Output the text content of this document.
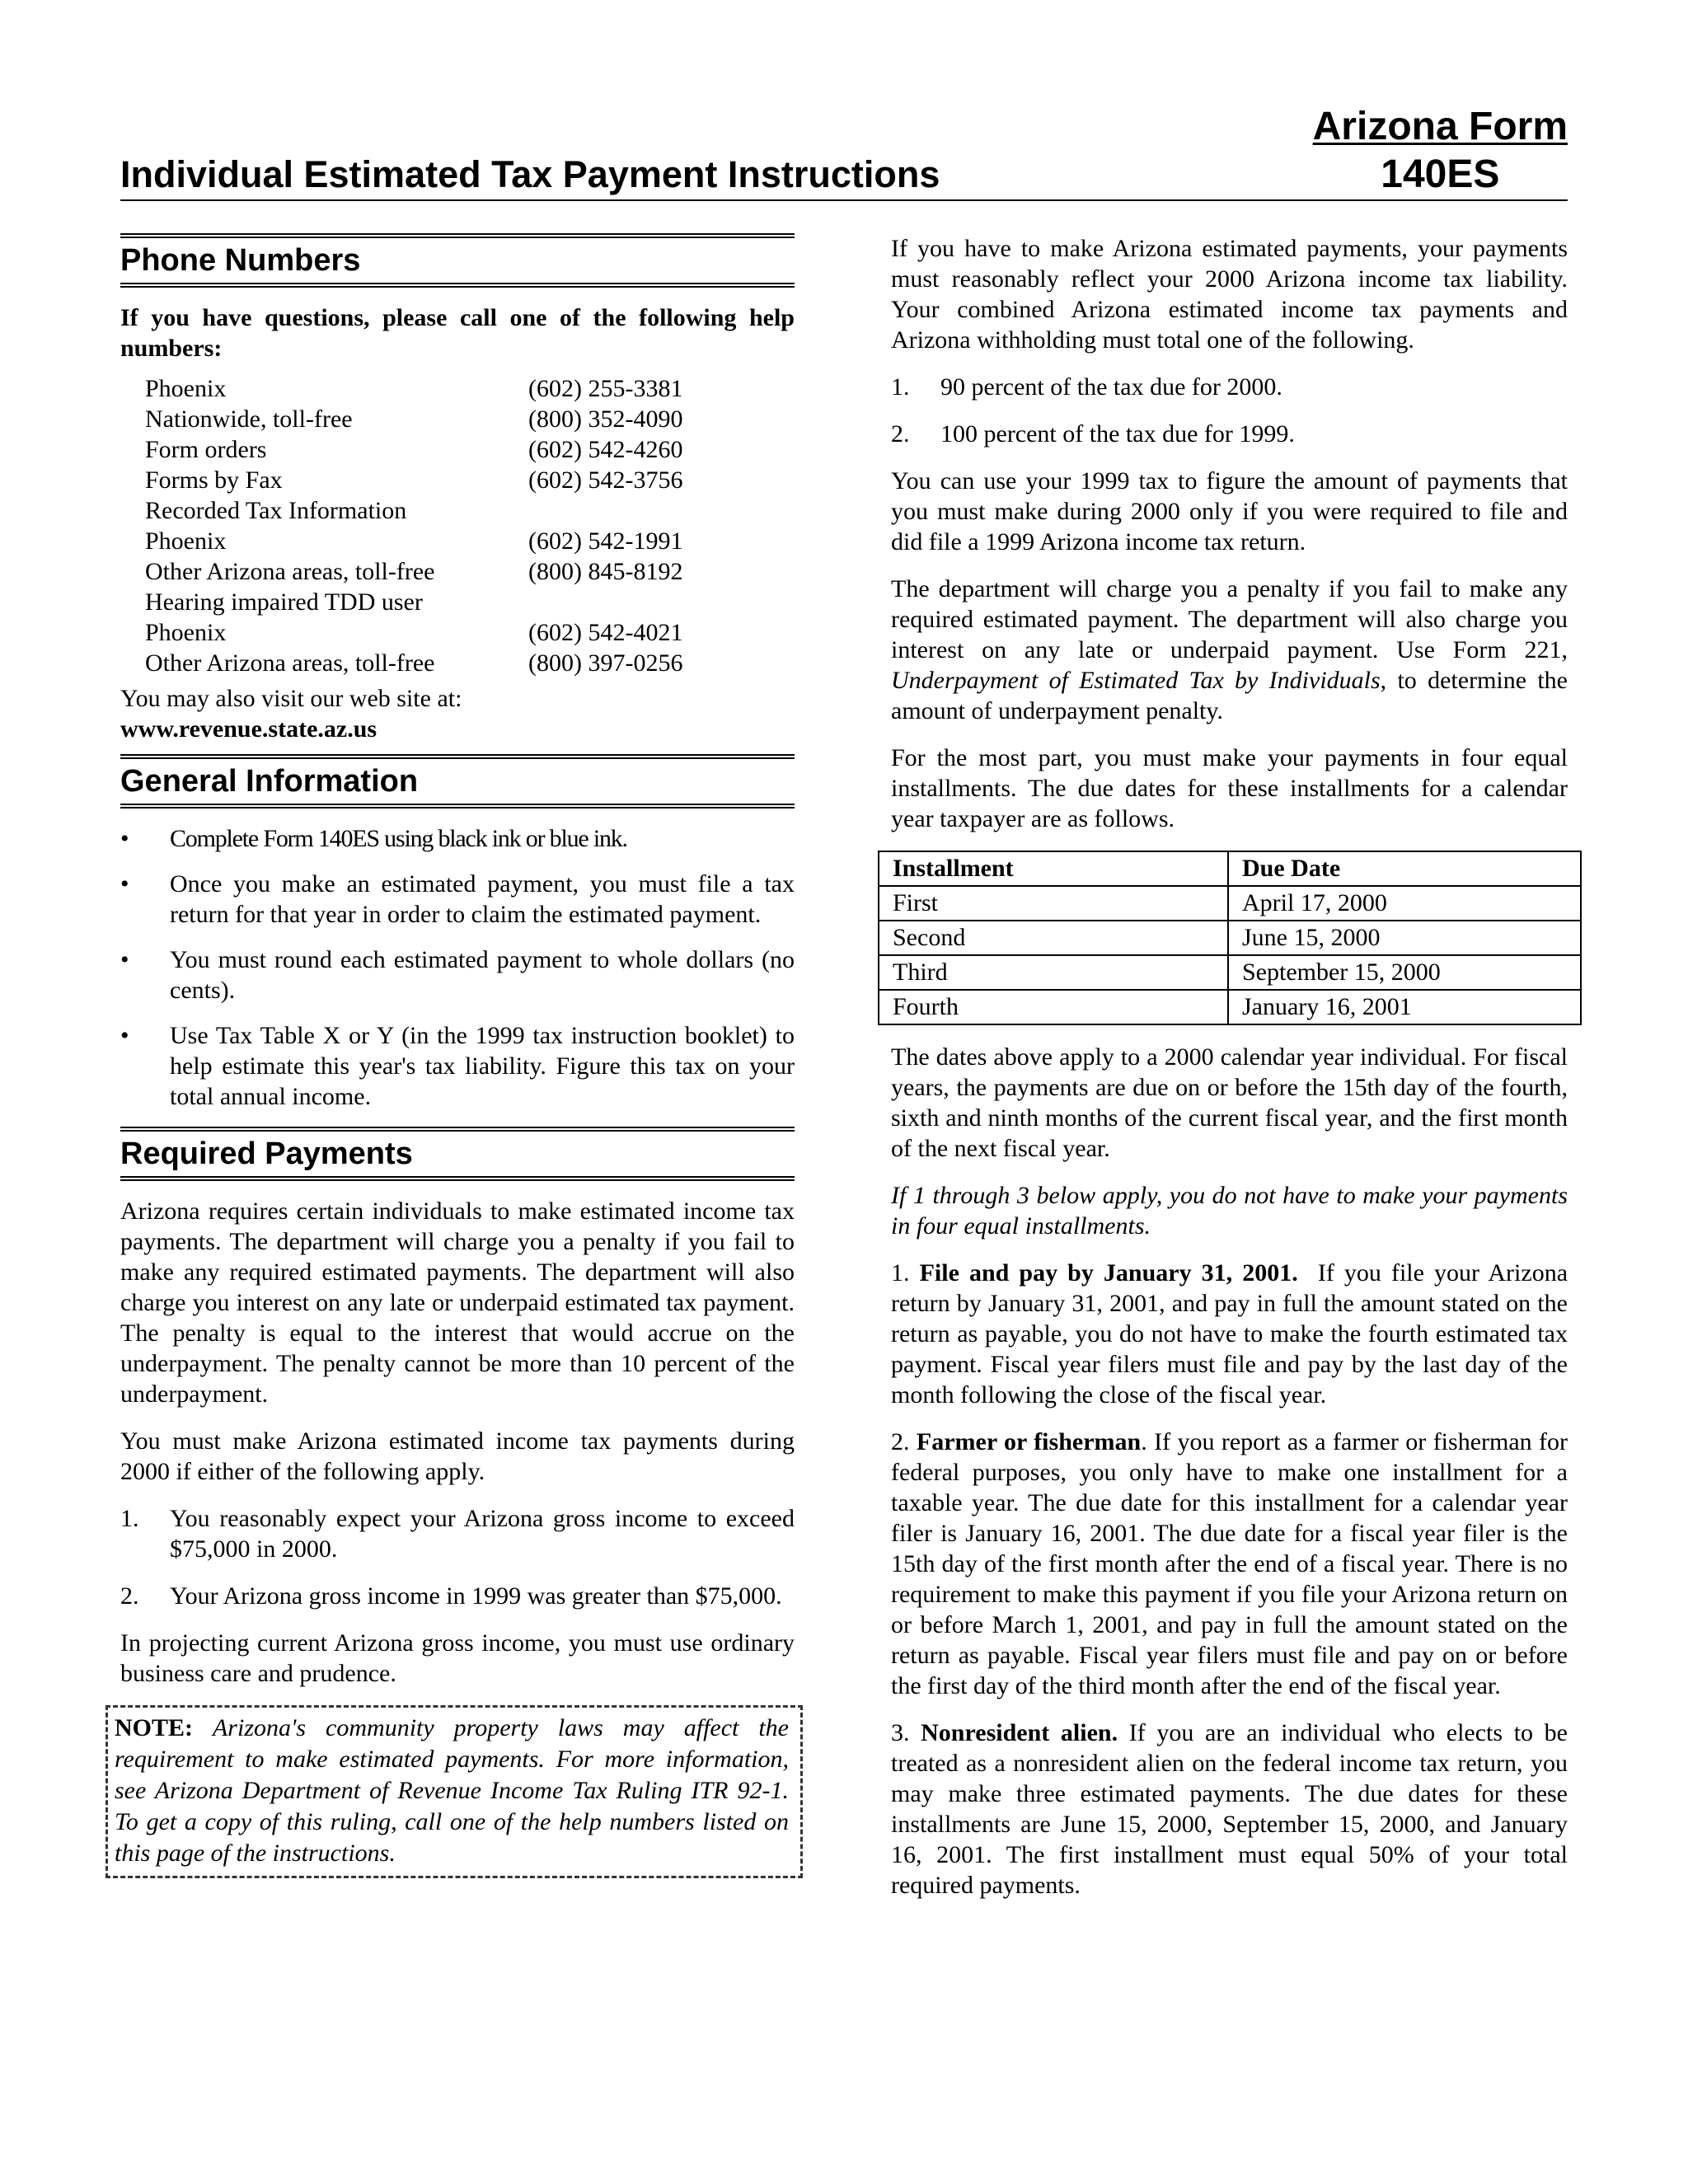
Individual Estimated Tax Payment Instructions
Arizona Form
140ES
Phone Numbers

If you have questions, please call one of the following help numbers:

Phoenix	(602) 255-3381
Nationwide, toll-free	(800) 352-4090
Form orders	(602) 542-4260
Forms by Fax	(602) 542-3756
Recorded Tax Information
Phoenix	(602) 542-1991
Other Arizona areas, toll-free	(800) 845-8192
Hearing impaired TDD user
Phoenix	(602) 542-4021
Other Arizona areas, toll-free	(800) 397-0256
You may also visit our web site at:
www.revenue.state.az.us
General Information
• Complete Form 140ES using black ink or blue ink.
• Once you make an estimated payment, you must file a tax return for that year in order to claim the estimated payment.
• You must round each estimated payment to whole dollars (no cents).
• Use Tax Table X or Y (in the 1999 tax instruction booklet) to help estimate this year's tax liability. Figure this tax on your total annual income.
Required Payments

Arizona requires certain individuals to make estimated income tax payments. The department will charge you a penalty if you fail to make any required estimated payments. The department will also charge you interest on any late or underpaid estimated tax payment. The penalty is equal to the interest that would accrue on the underpayment. The penalty cannot be more than 10 percent of the underpayment.

You must make Arizona estimated income tax payments during 2000 if either of the following apply.

1. You reasonably expect your Arizona gross income to exceed $75,000 in 2000.
2. Your Arizona gross income in 1999 was greater than $75,000.

In projecting current Arizona gross income, you must use ordinary business care and prudence.

NOTE: Arizona's community property laws may affect the requirement to make estimated payments. For more information, see Arizona Department of Revenue Income Tax Ruling ITR 92-1. To get a copy of this ruling, call one of the help numbers listed on this page of the instructions.

If you have to make Arizona estimated payments, your payments must reasonably reflect your 2000 Arizona income tax liability. Your combined Arizona estimated income tax payments and Arizona withholding must total one of the following.

1. 90 percent of the tax due for 2000.
2. 100 percent of the tax due for 1999.

You can use your 1999 tax to figure the amount of payments that you must make during 2000 only if you were required to file and did file a 1999 Arizona income tax return.

The department will charge you a penalty if you fail to make any required estimated payment. The department will also charge you interest on any late or underpaid payment. Use Form 221, Underpayment of Estimated Tax by Individuals, to determine the amount of underpayment penalty.

For the most part, you must make your payments in four equal installments. The due dates for these installments for a calendar year taxpayer are as follows.

Installment	Due Date
First	April 17, 2000
Second	June 15, 2000
Third	September 15, 2000
Fourth	January 16, 2001

The dates above apply to a 2000 calendar year individual. For fiscal years, the payments are due on or before the 15th day of the fourth, sixth and ninth months of the current fiscal year, and the first month of the next fiscal year.

If 1 through 3 below apply, you do not have to make your payments in four equal installments.

1. File and pay by January 31, 2001. If you file your Arizona return by January 31, 2001, and pay in full the amount stated on the return as payable, you do not have to make the fourth estimated tax payment. Fiscal year filers must file and pay by the last day of the month following the close of the fiscal year.

2. Farmer or fisherman. If you report as a farmer or fisherman for federal purposes, you only have to make one installment for a taxable year. The due date for this installment for a calendar year filer is January 16, 2001. The due date for a fiscal year filer is the 15th day of the first month after the end of a fiscal year. There is no requirement to make this payment if you file your Arizona return on or before March 1, 2001, and pay in full the amount stated on the return as payable. Fiscal year filers must file and pay on or before the first day of the third month after the end of the fiscal year.

3. Nonresident alien. If you are an individual who elects to be treated as a nonresident alien on the federal income tax return, you may make three estimated payments. The due dates for these installments are June 15, 2000, September 15, 2000, and January 16, 2001. The first installment must equal 50% of your total required payments.
